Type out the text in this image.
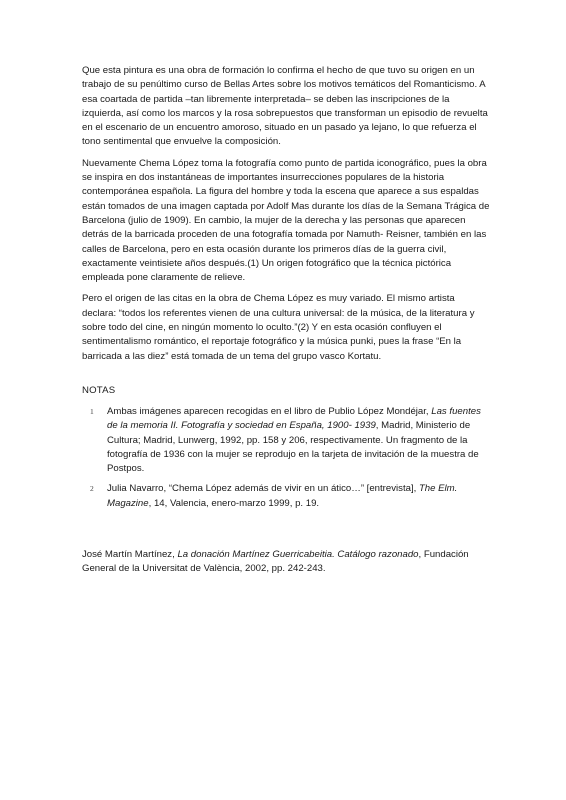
Que esta pintura es una obra de formación lo confirma el hecho de que tuvo su origen en un trabajo de su penúltimo curso de Bellas Artes sobre los motivos temáticos del Romanticismo. A esa coartada de partida –tan libremente interpretada– se deben las inscripciones de la izquierda, así como los marcos y la rosa sobrepuestos que transforman un episodio de revuelta en el escenario de un encuentro amoroso, situado en un pasado ya lejano, lo que refuerza el tono sentimental que envuelve la composición.

Nuevamente Chema López toma la fotografía como punto de partida iconográfico, pues la obra se inspira en dos instantáneas de importantes insurrecciones populares de la historia contemporánea española. La figura del hombre y toda la escena que aparece a sus espaldas están tomados de una imagen captada por Adolf Mas durante los días de la Semana Trágica de Barcelona (julio de 1909). En cambio, la mujer de la derecha y las personas que aparecen detrás de la barricada proceden de una fotografía tomada por Namuth- Reisner, también en las calles de Barcelona, pero en esta ocasión durante los primeros días de la guerra civil, exactamente veintisiete años después.(1) Un origen fotográfico que la técnica pictórica empleada pone claramente de relieve.

Pero el origen de las citas en la obra de Chema López es muy variado. El mismo artista declara: “todos los referentes vienen de una cultura universal: de la música, de la literatura y sobre todo del cine, en ningún momento lo oculto.”(2) Y en esta ocasión confluyen el sentimentalismo romántico, el reportaje fotográfico y la música punki, pues la frase “En la barricada a las diez” está tomada de un tema del grupo vasco Kortatu.

NOTAS
1	Ambas imágenes aparecen recogidas en el libro de Publio López Mondéjar, Las fuentes de la memoria II. Fotografía y sociedad en España, 1900- 1939, Madrid, Ministerio de Cultura; Madrid, Lunwerg, 1992, pp. 158 y 206, respectivamente. Un fragmento de la fotografía de 1936 con la mujer se reprodujo en la tarjeta de invitación de la muestra de Postpos.
2	Julia Navarro, “Chema López además de vivir en un ático…” [entrevista], The Elm. Magazine, 14, Valencia, enero-marzo 1999, p. 19.
José Martín Martínez, La donación Martínez Guerricabeitia. Catálogo razonado, Fundación General de la Universitat de València, 2002, pp. 242-243.
